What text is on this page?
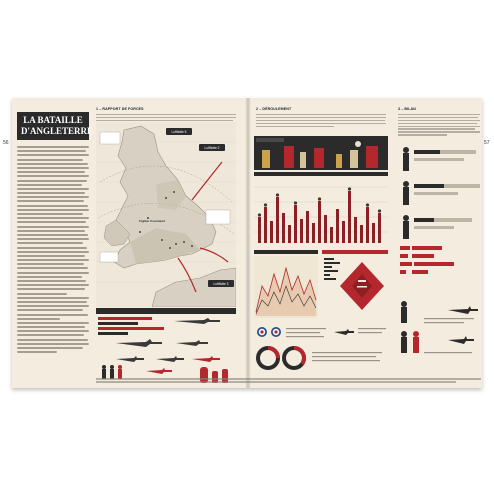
56	57
LA BATAILLE
D'ANGLETERRE
1 – RAPPORT DE FORCES
Luftflotte 2
Luftflotte 3
Luftflotte 5
Fighter Command
2 – DÉROULEMENT	3 – BILAN
